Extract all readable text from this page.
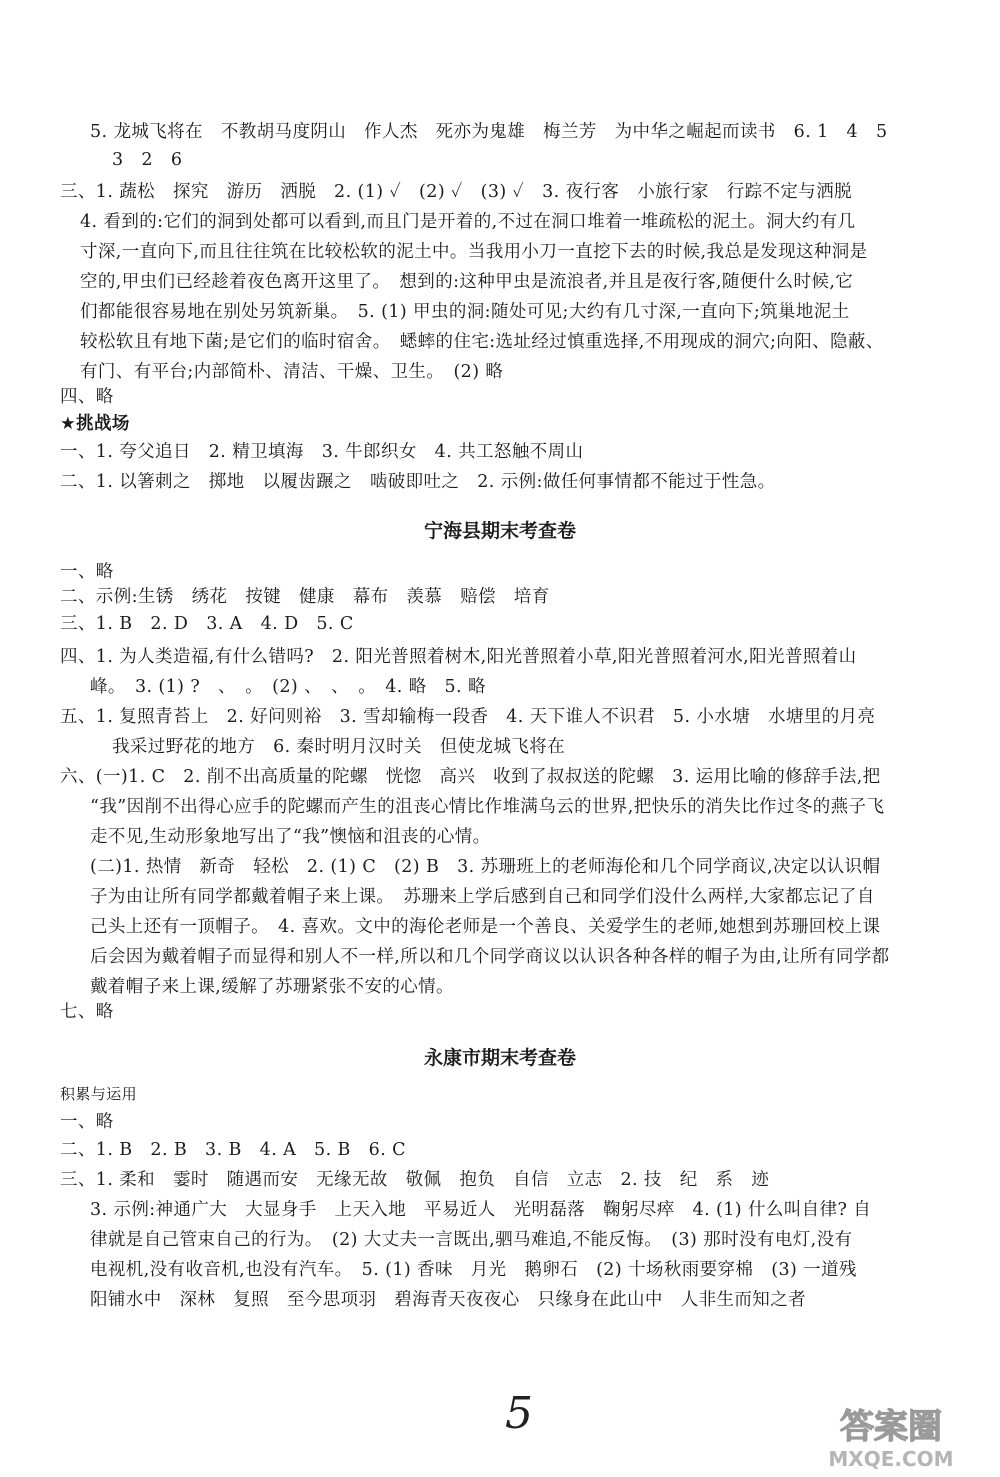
5. 龙城飞将在　不教胡马度阴山　作人杰　死亦为鬼雄　梅兰芳　为中华之崛起而读书　6. 1　4　5
3　2　6
三、1. 蔬松　探究　游历　洒脱　2. (1) ✓　(2) ✓　(3) ✓　3. 夜行客　小旅行家　行踪不定与洒脱
4. 看到的:它们的洞到处都可以看到,而且门是开着的,不过在洞口堆着一堆疏松的泥土。洞大约有几
寸深,一直向下,而且往往筑在比较松软的泥土中。当我用小刀一直挖下去的时候,我总是发现这种洞是
空的,甲虫们已经趁着夜色离开这里了。　想到的:这种甲虫是流浪者,并且是夜行客,随便什么时候,它
们都能很容易地在别处另筑新巢。　5. (1) 甲虫的洞:随处可见;大约有几寸深,一直向下;筑巢地泥土
较松软且有地下菌;是它们的临时宿舍。　蟋蟀的住宅:选址经过慎重选择,不用现成的洞穴;向阳、隐蔽、
有门、有平台;内部简朴、清洁、干燥、卫生。　(2) 略
四、略
★挑战场
一、1. 夸父追日　2. 精卫填海　3. 牛郎织女　4. 共工怒触不周山
二、1. 以箸刺之　掷地　以履齿蹍之　啮破即吐之　2. 示例:做任何事情都不能过于性急。
宁海县期末考查卷
一、略
二、示例:生锈　绣花　按键　健康　幕布　羡慕　赔偿　培育
三、1. B　2. D　3. A　4. D　5. C
四、1. 为人类造福,有什么错吗?　2. 阳光普照着树木,阳光普照着小草,阳光普照着河水,阳光普照着山
峰。　3. (1) ?　、　。　(2) 、　、　。　4. 略　5. 略
五、1. 复照青苔上　2. 好问则裕　3. 雪却输梅一段香　4. 天下谁人不识君　5. 小水塘　水塘里的月亮
我采过野花的地方　6. 秦时明月汉时关　但使龙城飞将在
六、(一)1. C　2. 削不出高质量的陀螺　恍惚　高兴　收到了叔叔送的陀螺　3. 运用比喻的修辞手法,把
“我”因削不出得心应手的陀螺而产生的沮丧心情比作堆满乌云的世界,把快乐的消失比作过冬的燕子飞
走不见,生动形象地写出了“我”懊恼和沮丧的心情。
(二)1. 热情　新奇　轻松　2. (1) C　(2) B　3. 苏珊班上的老师海伦和几个同学商议,决定以认识帽
子为由让所有同学都戴着帽子来上课。　苏珊来上学后感到自己和同学们没什么两样,大家都忘记了自
己头上还有一顶帽子。　4. 喜欢。文中的海伦老师是一个善良、关爱学生的老师,她想到苏珊回校上课
后会因为戴着帽子而显得和别人不一样,所以和几个同学商议以认识各种各样的帽子为由,让所有同学都
戴着帽子来上课,缓解了苏珊紧张不安的心情。
七、略
永康市期末考查卷
积累与运用
一、略
二、1. B　2. B　3. B　4. A　5. B　6. C
三、1. 柔和　霎时　随遇而安　无缘无故　敬佩　抱负　自信　立志　2. 技　纪　系　迹
3. 示例:神通广大　大显身手　上天入地　平易近人　光明磊落　鞠躬尽瘁　4. (1) 什么叫自律? 自
律就是自己管束自己的行为。　(2) 大丈夫一言既出,驷马难追,不能反悔。　(3) 那时没有电灯,没有
电视机,没有收音机,也没有汽车。　5. (1) 香味　月光　鹅卵石　(2) 十场秋雨要穿棉　(3) 一道残
阳铺水中　深林　复照　至今思项羽　碧海青天夜夜心　只缘身在此山中　人非生而知之者
5	答案圈
MXQE.COM
